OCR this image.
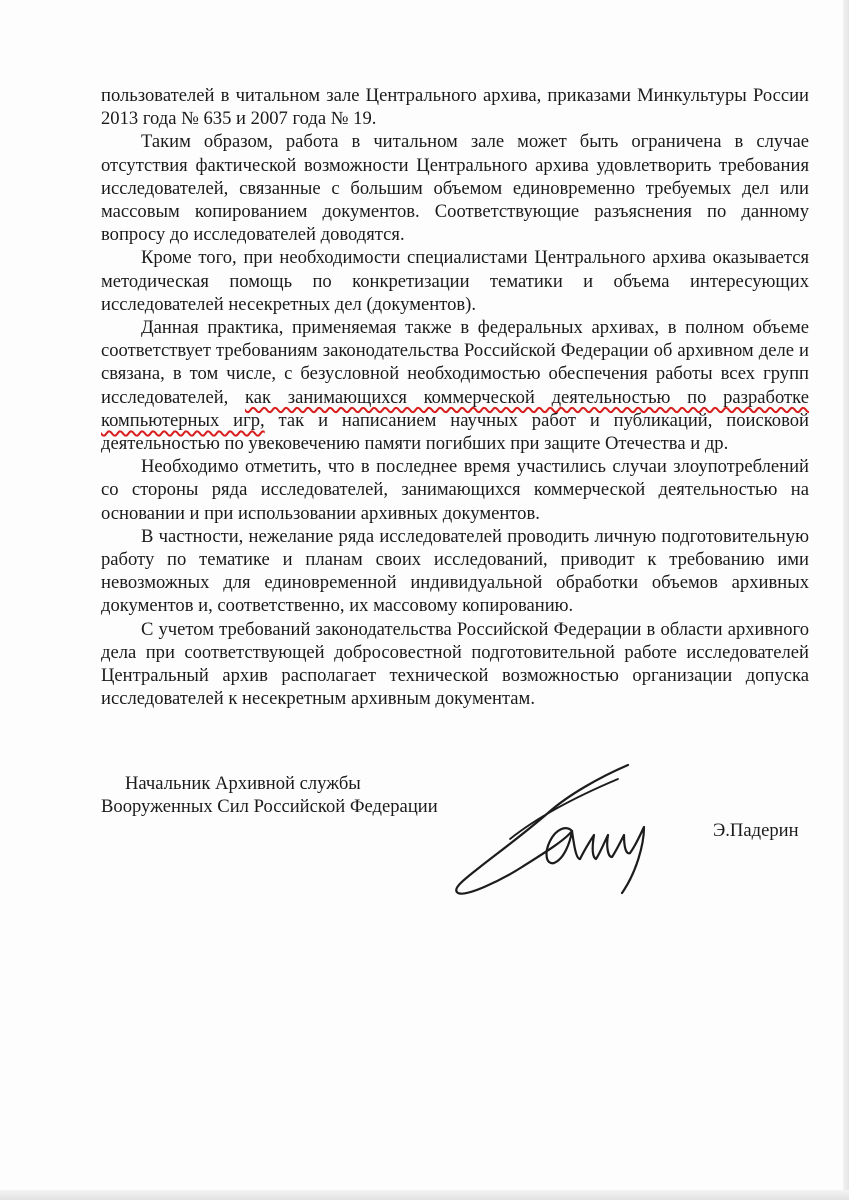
пользователей в читальном зале Центрального архива, приказами Минкультуры России 2013 года № 635 и 2007 года № 19.

Таким образом, работа в читальном зале может быть ограничена в случае отсутствия фактической возможности Центрального архива удовлетворить требования исследователей, связанные с большим объемом единовременно требуемых дел или массовым копированием документов. Соответствующие разъяснения по данному вопросу до исследователей доводятся.

Кроме того, при необходимости специалистами Центрального архива оказывается методическая помощь по конкретизации тематики и объема интересующих исследователей несекретных дел (документов).

Данная практика, применяемая также в федеральных архивах, в полном объеме соответствует требованиям законодательства Российской Федерации об архивном деле и связана, в том числе, с безусловной необходимостью обеспечения работы всех групп исследователей, как занимающихся коммерческой деятельностью по разработке компьютерных игр, так и написанием научных работ и публикаций, поисковой деятельностью по увековечению памяти погибших при защите Отечества и др.

Необходимо отметить, что в последнее время участились случаи злоупотреблений со стороны ряда исследователей, занимающихся коммерческой деятельностью на основании и при использовании архивных документов.

В частности, нежелание ряда исследователей проводить личную подготовительную работу по тематике и планам своих исследований, приводит к требованию ими невозможных для единовременной индивидуальной обработки объемов архивных документов и, соответственно, их массовому копированию.

С учетом требований законодательства Российской Федерации в области архивного дела при соответствующей добросовестной подготовительной работе исследователей Центральный архив располагает технической возможностью организации допуска исследователей к несекретным архивным документам.

Начальник Архивной службы
Вооруженных Сил Российской Федерации
Э.Падерин
